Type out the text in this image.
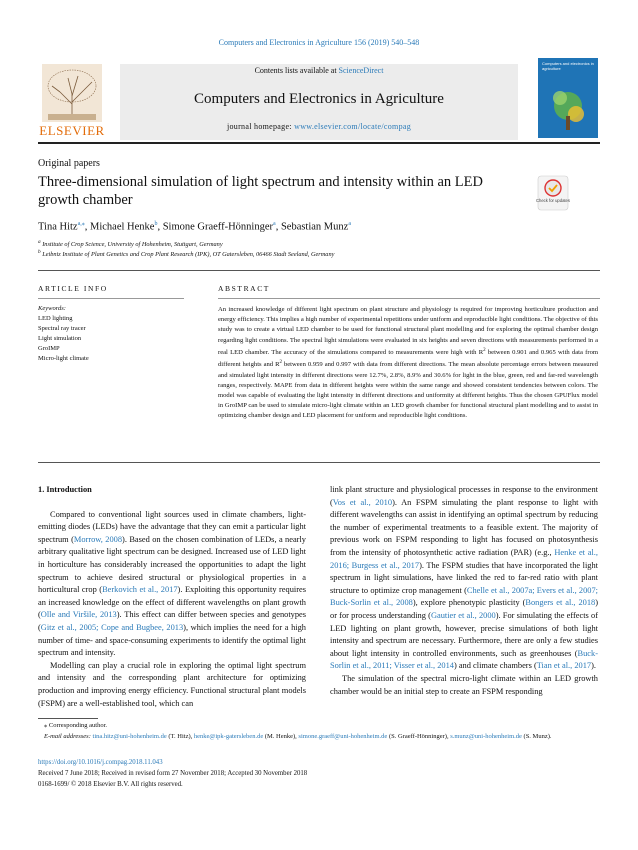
Computers and Electronics in Agriculture 156 (2019) 540–548
ELSEVIER
Contents lists available at ScienceDirect
Computers and Electronics in Agriculture
journal homepage: www.elsevier.com/locate/compag
Computers and electronics in agriculture
Original papers
Three-dimensional simulation of light spectrum and intensity within an LED growth chamber	Check for updates
Tina Hitz$^{a,⁎}$, Michael Henke$^b$, Simone Graeff-Hönninger$^a$, Sebastian Munz$^a$
$^a$ Institute of Crop Science, University of Hohenheim, Stuttgart, Germany
$^b$ Leibniz Institute of Plant Genetics and Crop Plant Research (IPK), OT Gatersleben, 06466 Stadt Seeland, Germany
ARTICLE INFO	ABSTRACT
Keywords:
LED lighting
Spectral ray tracer
Light simulation
GroIMP
Micro-light climate
An increased knowledge of different light spectrum on plant structure and physiology is required for improving horticulture production and energy efficiency. This implies a high number of experimental repetitions under uniform and reproducible light conditions. The objective of this study was to create a virtual LED chamber to be used for functional structural plant modelling and for exploring the optimal chamber design regarding light conditions. The spectral light simulations were evaluated in six heights and seven directions with measurements performed in a real LED chamber. The accuracy of the simulations compared to measurements were high with $R^2$ between 0.901 and 0.965 with data from different heights and $R^2$ between 0.959 and 0.997 with data from different directions. The mean absolute percentage errors between measured and simulated light intensity in different directions were 12.7%, 2.8%, 8.9% and 30.6% for light in the blue, green, red and far-red wavelength ranges, respectively. MAPE from data in different heights were within the same range and showed consistent tendencies between colors. The model was capable of evaluating the light intensity in different directions and uniformity at different heights. Thus the chosen GPUFlux model in GroIMP can be used to simulate micro-light climate within an LED growth chamber for functional structural plant modelling and to assist in optimizing chamber design and LED placement for uniform and reproducible light conditions.

1. Introduction

Compared to conventional light sources used in climate chambers, light-emitting diodes (LEDs) have the advantage that they can emit a particular light spectrum (Morrow, 2008). Based on the chosen combination of LEDs, a nearly arbitrary qualitative light spectrum can be designed. Increased use of LED light in horticulture has considerably increased the opportunities to adapt the light spectrum to achieve desired structural or physiological properties in a horticultural crop (Berkovich et al., 2017). Exploiting this opportunity requires an increased knowledge on the effect of different wavelengths on plant growth (Olle and Viršile, 2013). This effect can differ between species and genotypes (Gitz et al., 2005; Cope and Bugbee, 2013), which implies the need for a high number of time- and space-consuming experiments to identify the optimal light spectrum and intensity.

Modelling can play a crucial role in exploring the optimal light spectrum and intensity and the corresponding plant architecture for optimizing production and improving energy efficiency. Functional structural plant models (FSPM) are a well-established tool, which can

link plant structure and physiological processes in response to the environment (Vos et al., 2010). An FSPM simulating the plant response to light with different wavelengths can assist in identifying an optimal spectrum by reducing the number of experimental treatments to a feasible extent. The majority of previous work on FSPM responding to light has focused on photosynthesis from the intensity of photosynthetic active radiation (PAR) (e.g., Henke et al., 2016; Burgess et al., 2017). The FSPM studies that have incorporated the light spectrum in light simulations, have linked the red to far-red ratio with plant structure to optimize crop management (Chelle et al., 2007a; Evers et al., 2007; Buck-Sorlin et al., 2008), explore phenotypic plasticity (Bongers et al., 2018) or for process understanding (Gautier et al., 2000). For simulating the effects of LED lighting on plant growth, however, precise simulations of both light intensity and spectrum are necessary. Furthermore, there are only a few studies about light intensity in controlled environments, such as greenhouses (Buck-Sorlin et al., 2011; Visser et al., 2014) and climate chambers (Tian et al., 2017).

The simulation of the spectral micro-light climate within an LED growth chamber would be an initial step to create an FSPM responding

⁎ Corresponding author.
E-mail addresses: tina.hitz@uni-hohenheim.de (T. Hitz), henke@ipk-gatersleben.de (M. Henke), simone.graeff@uni-hohenheim.de (S. Graeff-Hönninger), s.munz@uni-hohenheim.de (S. Munz).
https://doi.org/10.1016/j.compag.2018.11.043
Received 7 June 2018; Received in revised form 27 November 2018; Accepted 30 November 2018
0168-1699/ © 2018 Elsevier B.V. All rights reserved.
